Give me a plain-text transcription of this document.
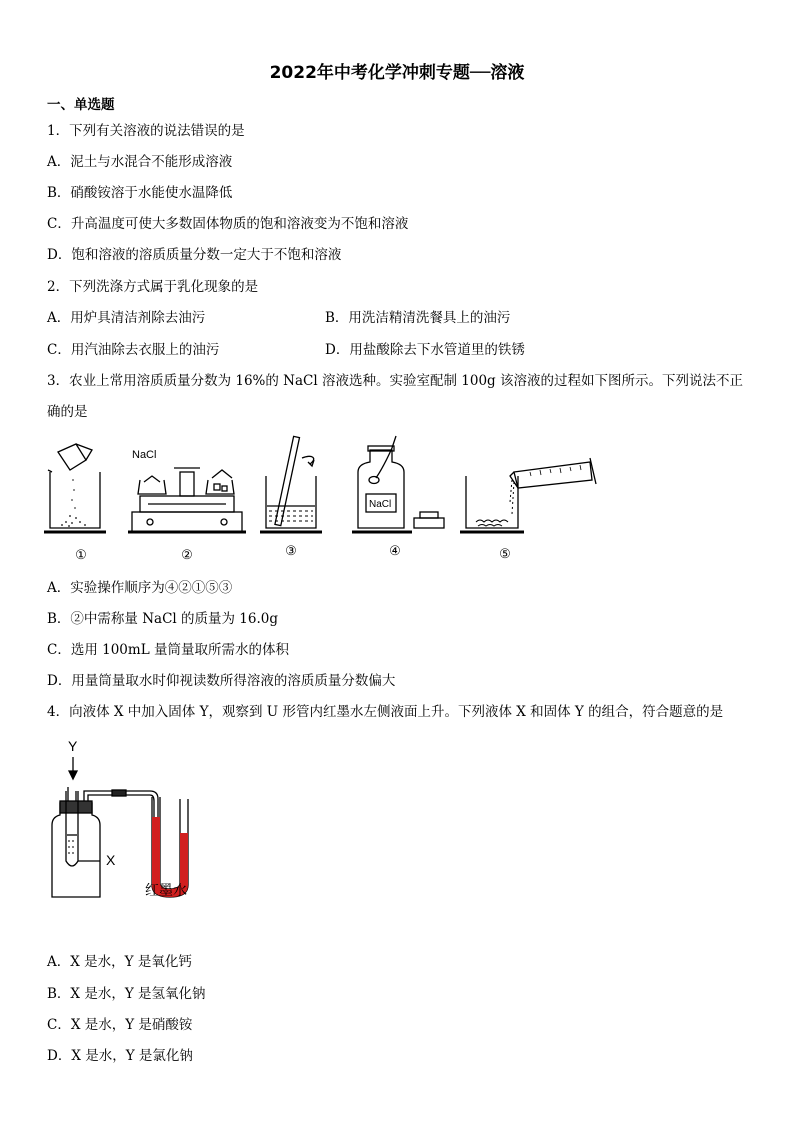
2022年中考化学冲刺专题──溶液
一、单选题
1．下列有关溶液的说法错误的是
A．泥土与水混合不能形成溶液
B．硝酸铵溶于水能使水温降低
C．升高温度可使大多数固体物质的饱和溶液变为不饱和溶液
D．饱和溶液的溶质质量分数一定大于不饱和溶液
2．下列洗涤方式属于乳化现象的是
A．用炉具清洁剂除去油污	B．用洗洁精清洗餐具上的油污
C．用汽油除去衣服上的油污	D．用盐酸除去下水管道里的铁锈
3．农业上常用溶质质量分数为 16%的 NaCl 溶液选种。实验室配制 100g 该溶液的过程如下图所示。下列说法不正
确的是
NaCl
NaCl
①	②	③	④	⑤
A．实验操作顺序为④②①⑤③
B．②中需称量 NaCl 的质量为 16.0g
C．选用 100mL 量筒量取所需水的体积
D．用量筒量取水时仰视读数所得溶液的溶质质量分数偏大
4．向液体 X 中加入固体 Y，观察到 U 形管内红墨水左侧液面上升。下列液体 X 和固体 Y 的组合，符合题意的是
Y
X
红墨水
A．X 是水，Y 是氧化钙
B．X 是水，Y 是氢氧化钠
C．X 是水，Y 是硝酸铵
D．X 是水，Y 是氯化钠
